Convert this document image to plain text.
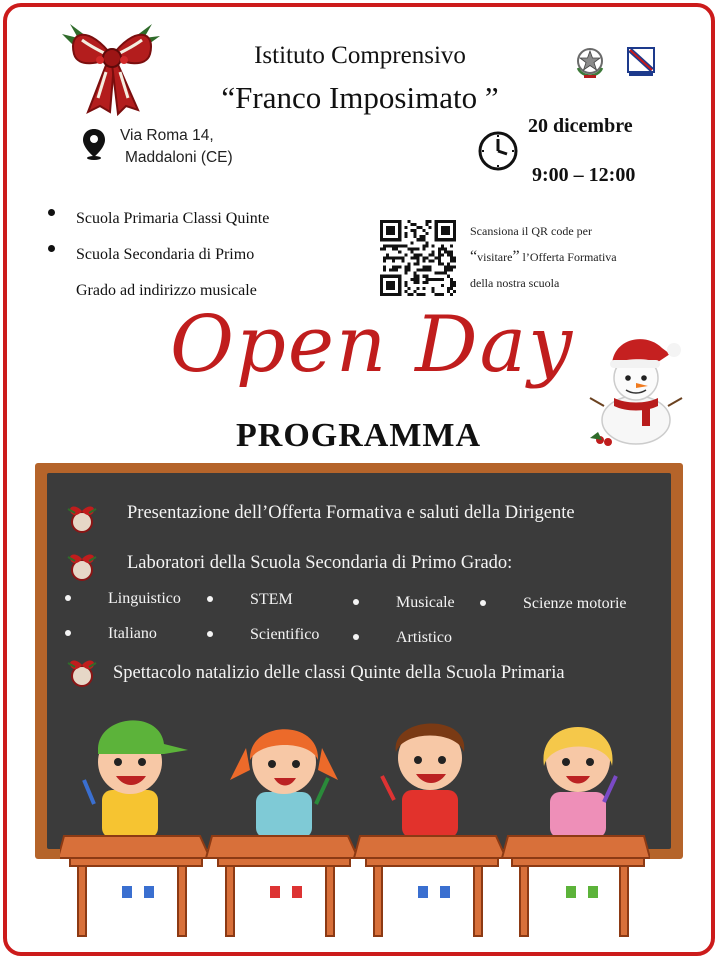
Istituto Comprensivo
“Franco Imposimato ”
Via Roma 14,
Maddaloni (CE)
20 dicembre
9:00 – 12:00
Scuola Primaria Classi Quinte
Scuola Secondaria di Primo
Grado ad indirizzo musicale
Scansiona il QR code per
“visitare” l’Offerta Formativa
della nostra scuola
Open Day
PROGRAMMA
Presentazione dell’Offerta Formativa e saluti della Dirigente
Laboratori della Scuola Secondaria di Primo Grado:
Linguistico	STEM	Musicale	Scienze motorie
Italiano	Scientifico	Artistico
Spettacolo natalizio delle classi Quinte della Scuola Primaria
